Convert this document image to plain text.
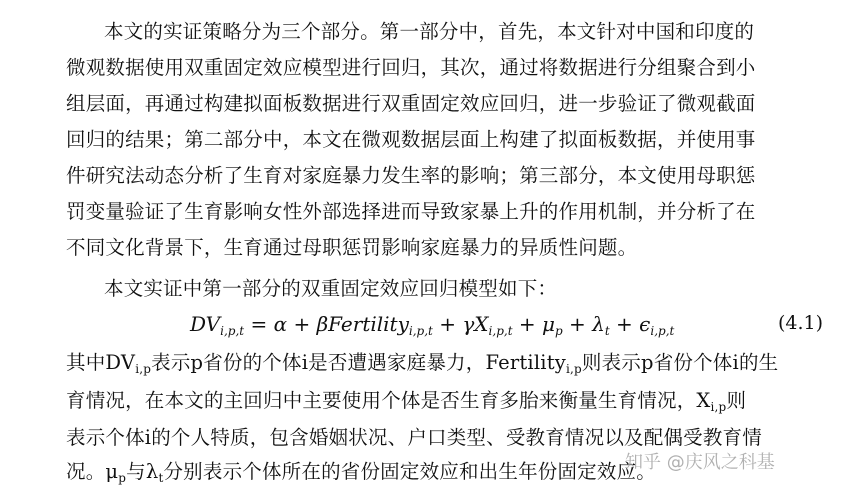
本文的实证策略分为三个部分。第一部分中，首先，本文针对中国和印度的
微观数据使用双重固定效应模型进行回归，其次，通过将数据进行分组聚合到小
组层面，再通过构建拟面板数据进行双重固定效应回归，进一步验证了微观截面
回归的结果；第二部分中，本文在微观数据层面上构建了拟面板数据，并使用事
件研究法动态分析了生育对家庭暴力发生率的影响；第三部分，本文使用母职惩
罚变量验证了生育影响女性外部选择进而导致家暴上升的作用机制，并分析了在
不同文化背景下，生育通过母职惩罚影响家庭暴力的异质性问题。
本文实证中第一部分的双重固定效应回归模型如下：
$DV_{i,p,t} = \alpha$ + βFertility$_{i,p,t}$ + $\gamma X_{i,p,t} + \mu_p + \lambda_t + \epsilon_{i,p,t}$	(4.1)
其中$DV_{i,p}$表示p省份的个体i是否遭遇家庭暴力，Fertility$_{i,p}$则表示p省份个体i的生
育情况，在本文的主回归中主要使用个体是否生育多胎来衡量生育情况，$X_{i,p}$则
表示个体i的个人特质，包含婚姻状况、户口类型、受教育情况以及配偶受教育情
况。$\mu_p$与$\lambda_t$分别表示个体所在的省份固定效应和出生年份固定效应。
知乎 @庆风之科基
